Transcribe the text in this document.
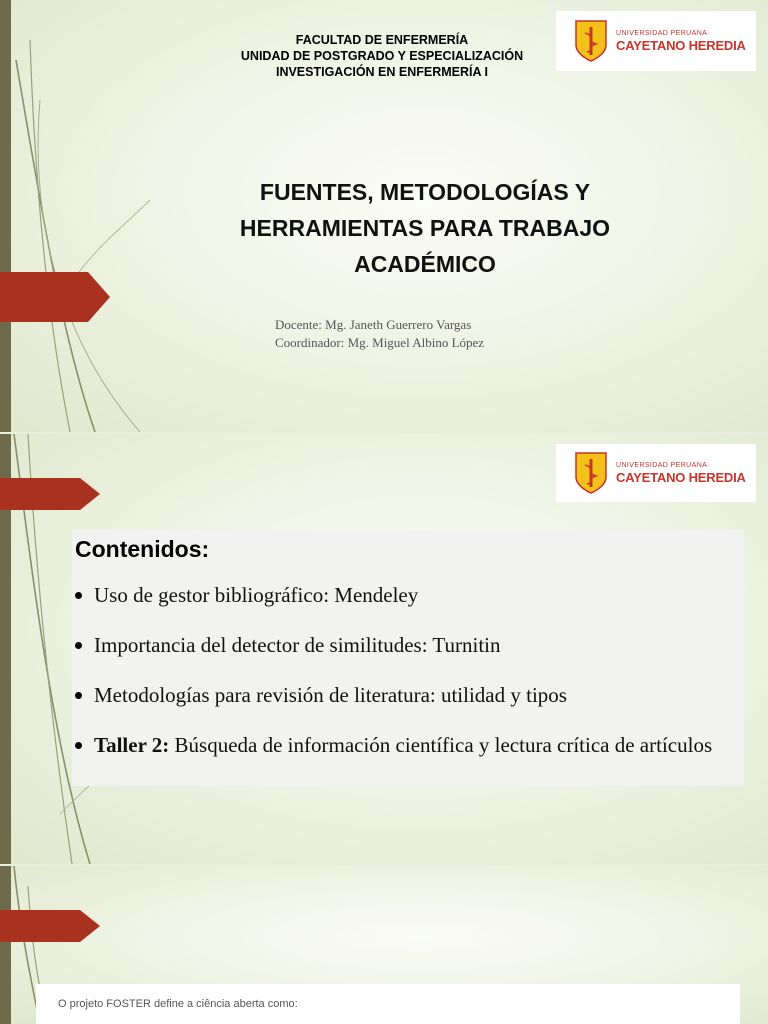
UNIVERSIDAD PERUANA
CAYETANO HEREDIA
FACULTAD DE ENFERMERÍA
UNIDAD DE POSTGRADO Y ESPECIALIZACIÓN
INVESTIGACIÓN EN ENFERMERÍA I
FUENTES, METODOLOGÍAS Y
HERRAMIENTAS PARA TRABAJO
ACADÉMICO
Docente: Mg. Janeth Guerrero Vargas
Coordinador: Mg. Miguel Albino López
UNIVERSIDAD PERUANA
CAYETANO HEREDIA
Contenidos:
Uso de gestor bibliográfico: Mendeley
Importancia del detector de similitudes: Turnitin
Metodologías para revisión de literatura: utilidad y tipos
Taller 2: Búsqueda de información científica y lectura crítica de artículos
O projeto FOSTER define a ciência aberta como:
